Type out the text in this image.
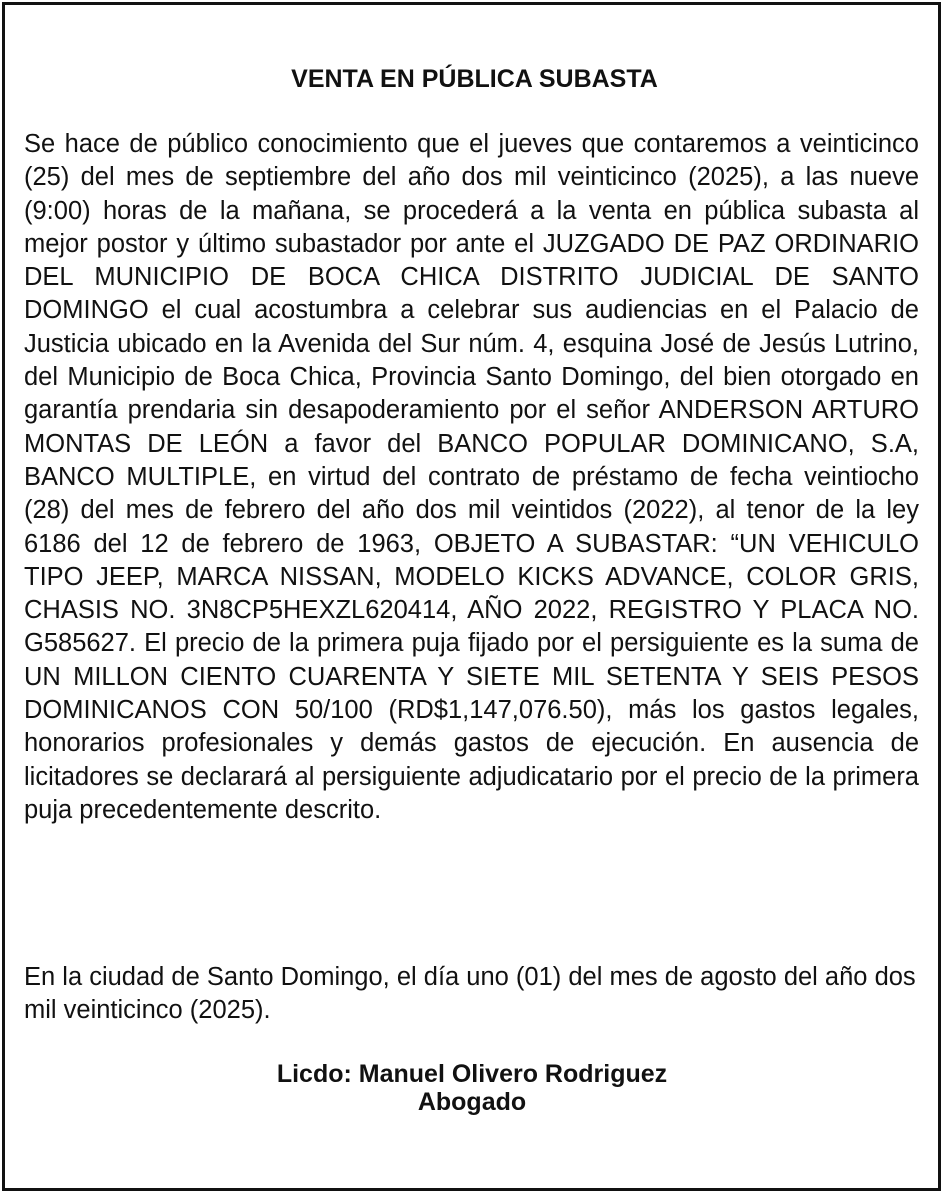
VENTA EN PÚBLICA SUBASTA
Se hace de público conocimiento que el jueves que contaremos a veinticinco (25) del mes de septiembre del año dos mil veinticinco (2025), a las nueve (9:00) horas de la mañana, se procederá a la venta en pública subasta al mejor postor y último subastador por ante el JUZGADO DE PAZ ORDINARIO DEL MUNICIPIO DE BOCA CHICA DISTRITO JUDICIAL DE SANTO DOMINGO el cual acostumbra a celebrar sus audiencias en el Palacio de Justicia ubicado en la Avenida del Sur núm. 4, esquina José de Jesús Lutrino, del Municipio de Boca Chica, Provincia Santo Domingo, del bien otorgado en garantía prendaria sin desapoderamiento por el señor ANDERSON ARTURO MONTAS DE LEÓN a favor del BANCO POPULAR DOMINICANO, S.A, BANCO MULTIPLE, en virtud del contrato de préstamo de fecha veintiocho (28) del mes de febrero del año dos mil veintidos (2022), al tenor de la ley 6186 del 12 de febrero de 1963, OBJETO A SUBASTAR: “UN VEHICULO TIPO JEEP, MARCA NISSAN, MODELO KICKS ADVANCE, COLOR GRIS, CHASIS NO. 3N8CP5HEXZL620414, AÑO 2022, REGISTRO Y PLACA NO. G585627. El precio de la primera puja fijado por el persiguiente es la suma de UN MILLON CIENTO CUARENTA Y SIETE MIL SETENTA Y SEIS PESOS DOMINICANOS CON 50/100 (RD$1,147,076.50), más los gastos legales, honorarios profesionales y demás gastos de ejecución. En ausencia de licitadores se declarará al persiguiente adjudicatario por el precio de la primera puja precedentemente descrito.
En la ciudad de Santo Domingo, el día uno (01) del mes de agosto del año dos mil veinticinco (2025).
Licdo: Manuel Olivero Rodriguez
Abogado
